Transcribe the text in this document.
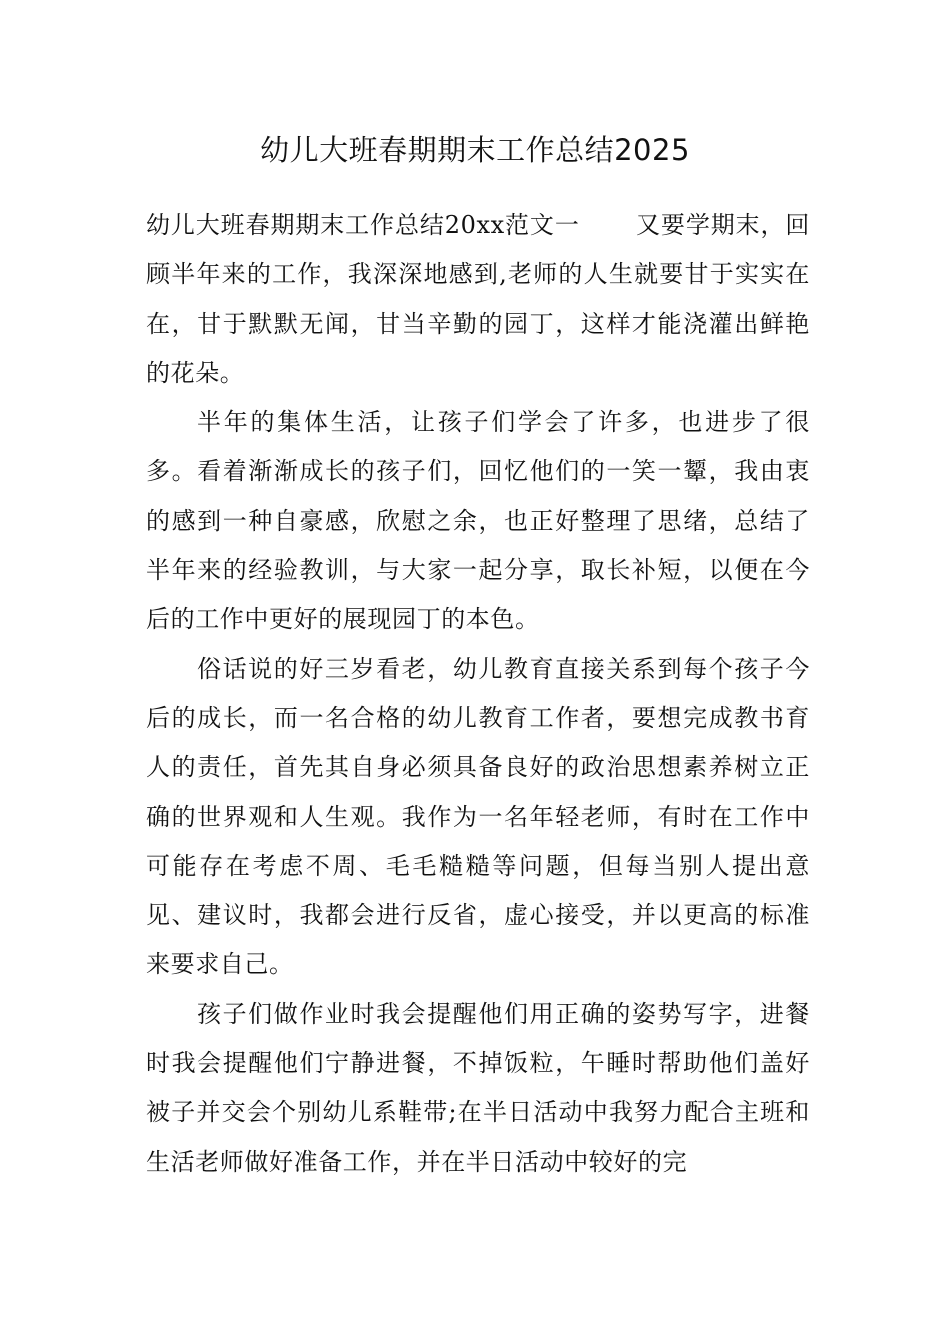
幼儿大班春期期末工作总结2025

幼儿大班春期期末工作总结20xx范文一 又要学期末，回顾半年来的工作，我深深地感到,老师的人生就要甘于实实在在，甘于默默无闻，甘当辛勤的园丁，这样才能浇灌出鲜艳的花朵。

半年的集体生活，让孩子们学会了许多，也进步了很多。看着渐渐成长的孩子们，回忆他们的一笑一颦，我由衷的感到一种自豪感，欣慰之余，也正好整理了思绪，总结了半年来的经验教训，与大家一起分享，取长补短，以便在今后的工作中更好的展现园丁的本色。

俗话说的好三岁看老，幼儿教育直接关系到每个孩子今后的成长，而一名合格的幼儿教育工作者，要想完成教书育人的责任，首先其自身必须具备良好的政治思想素养树立正确的世界观和人生观。我作为一名年轻老师，有时在工作中可能存在考虑不周、毛毛糙糙等问题，但每当别人提出意见、建议时，我都会进行反省，虚心接受，并以更高的标准来要求自己。

孩子们做作业时我会提醒他们用正确的姿势写字，进餐时我会提醒他们宁静进餐，不掉饭粒，午睡时帮助他们盖好被子并交会个别幼儿系鞋带;在半日活动中我努力配合主班和生活老师做好准备工作，并在半日活动中较好的完
